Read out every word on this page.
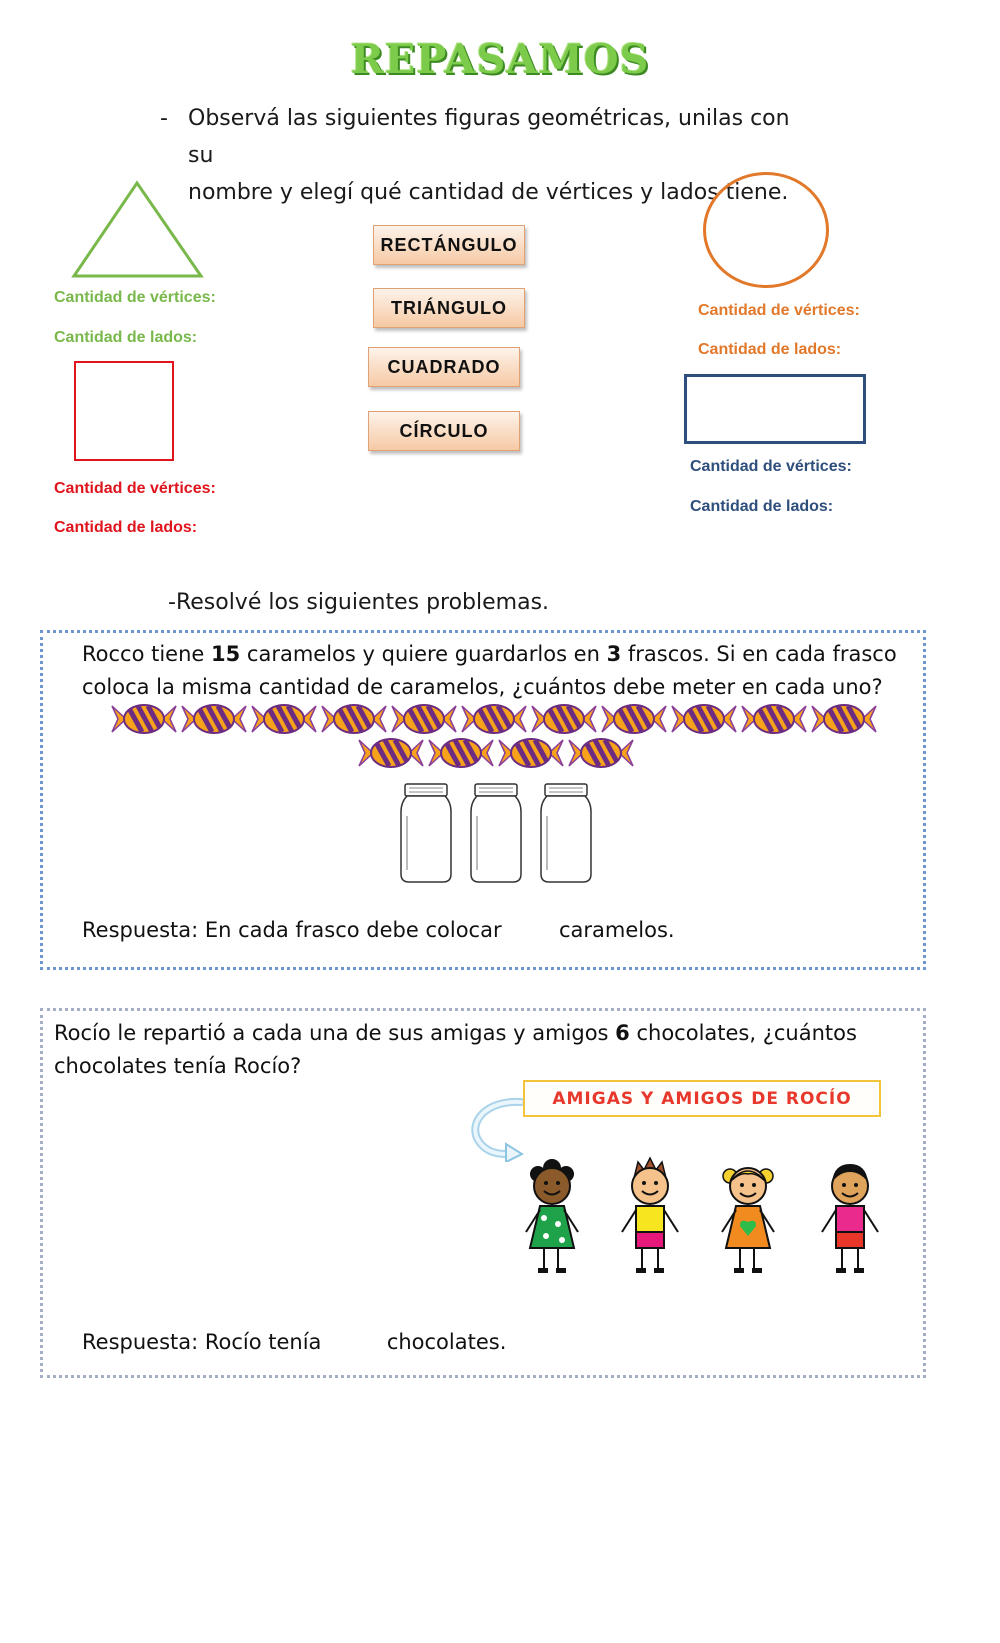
REPASAMOS
- Observá las siguientes figuras geométricas, unilas con su
nombre y elegí qué cantidad de vértices y lados tiene.
Cantidad de vértices:
Cantidad de lados:
Cantidad de vértices:
Cantidad de lados:
RECTÁNGULO
TRIÁNGULO
CUADRADO
CÍRCULO
Cantidad de vértices:
Cantidad de lados:
Cantidad de vértices:
Cantidad de lados:
-Resolvé los siguientes problemas.
Rocco tiene 15 caramelos y quiere guardarlos en 3 frascos. Si en cada frasco
coloca la misma cantidad de caramelos, ¿cuántos debe meter en cada uno?
Respuesta: En cada frasco debe colocar	caramelos.
Rocío le repartió a cada una de sus amigas y amigos 6 chocolates, ¿cuántos
chocolates tenía Rocío?
AMIGAS Y AMIGOS DE ROCÍO
Respuesta: Rocío tenía	chocolates.
